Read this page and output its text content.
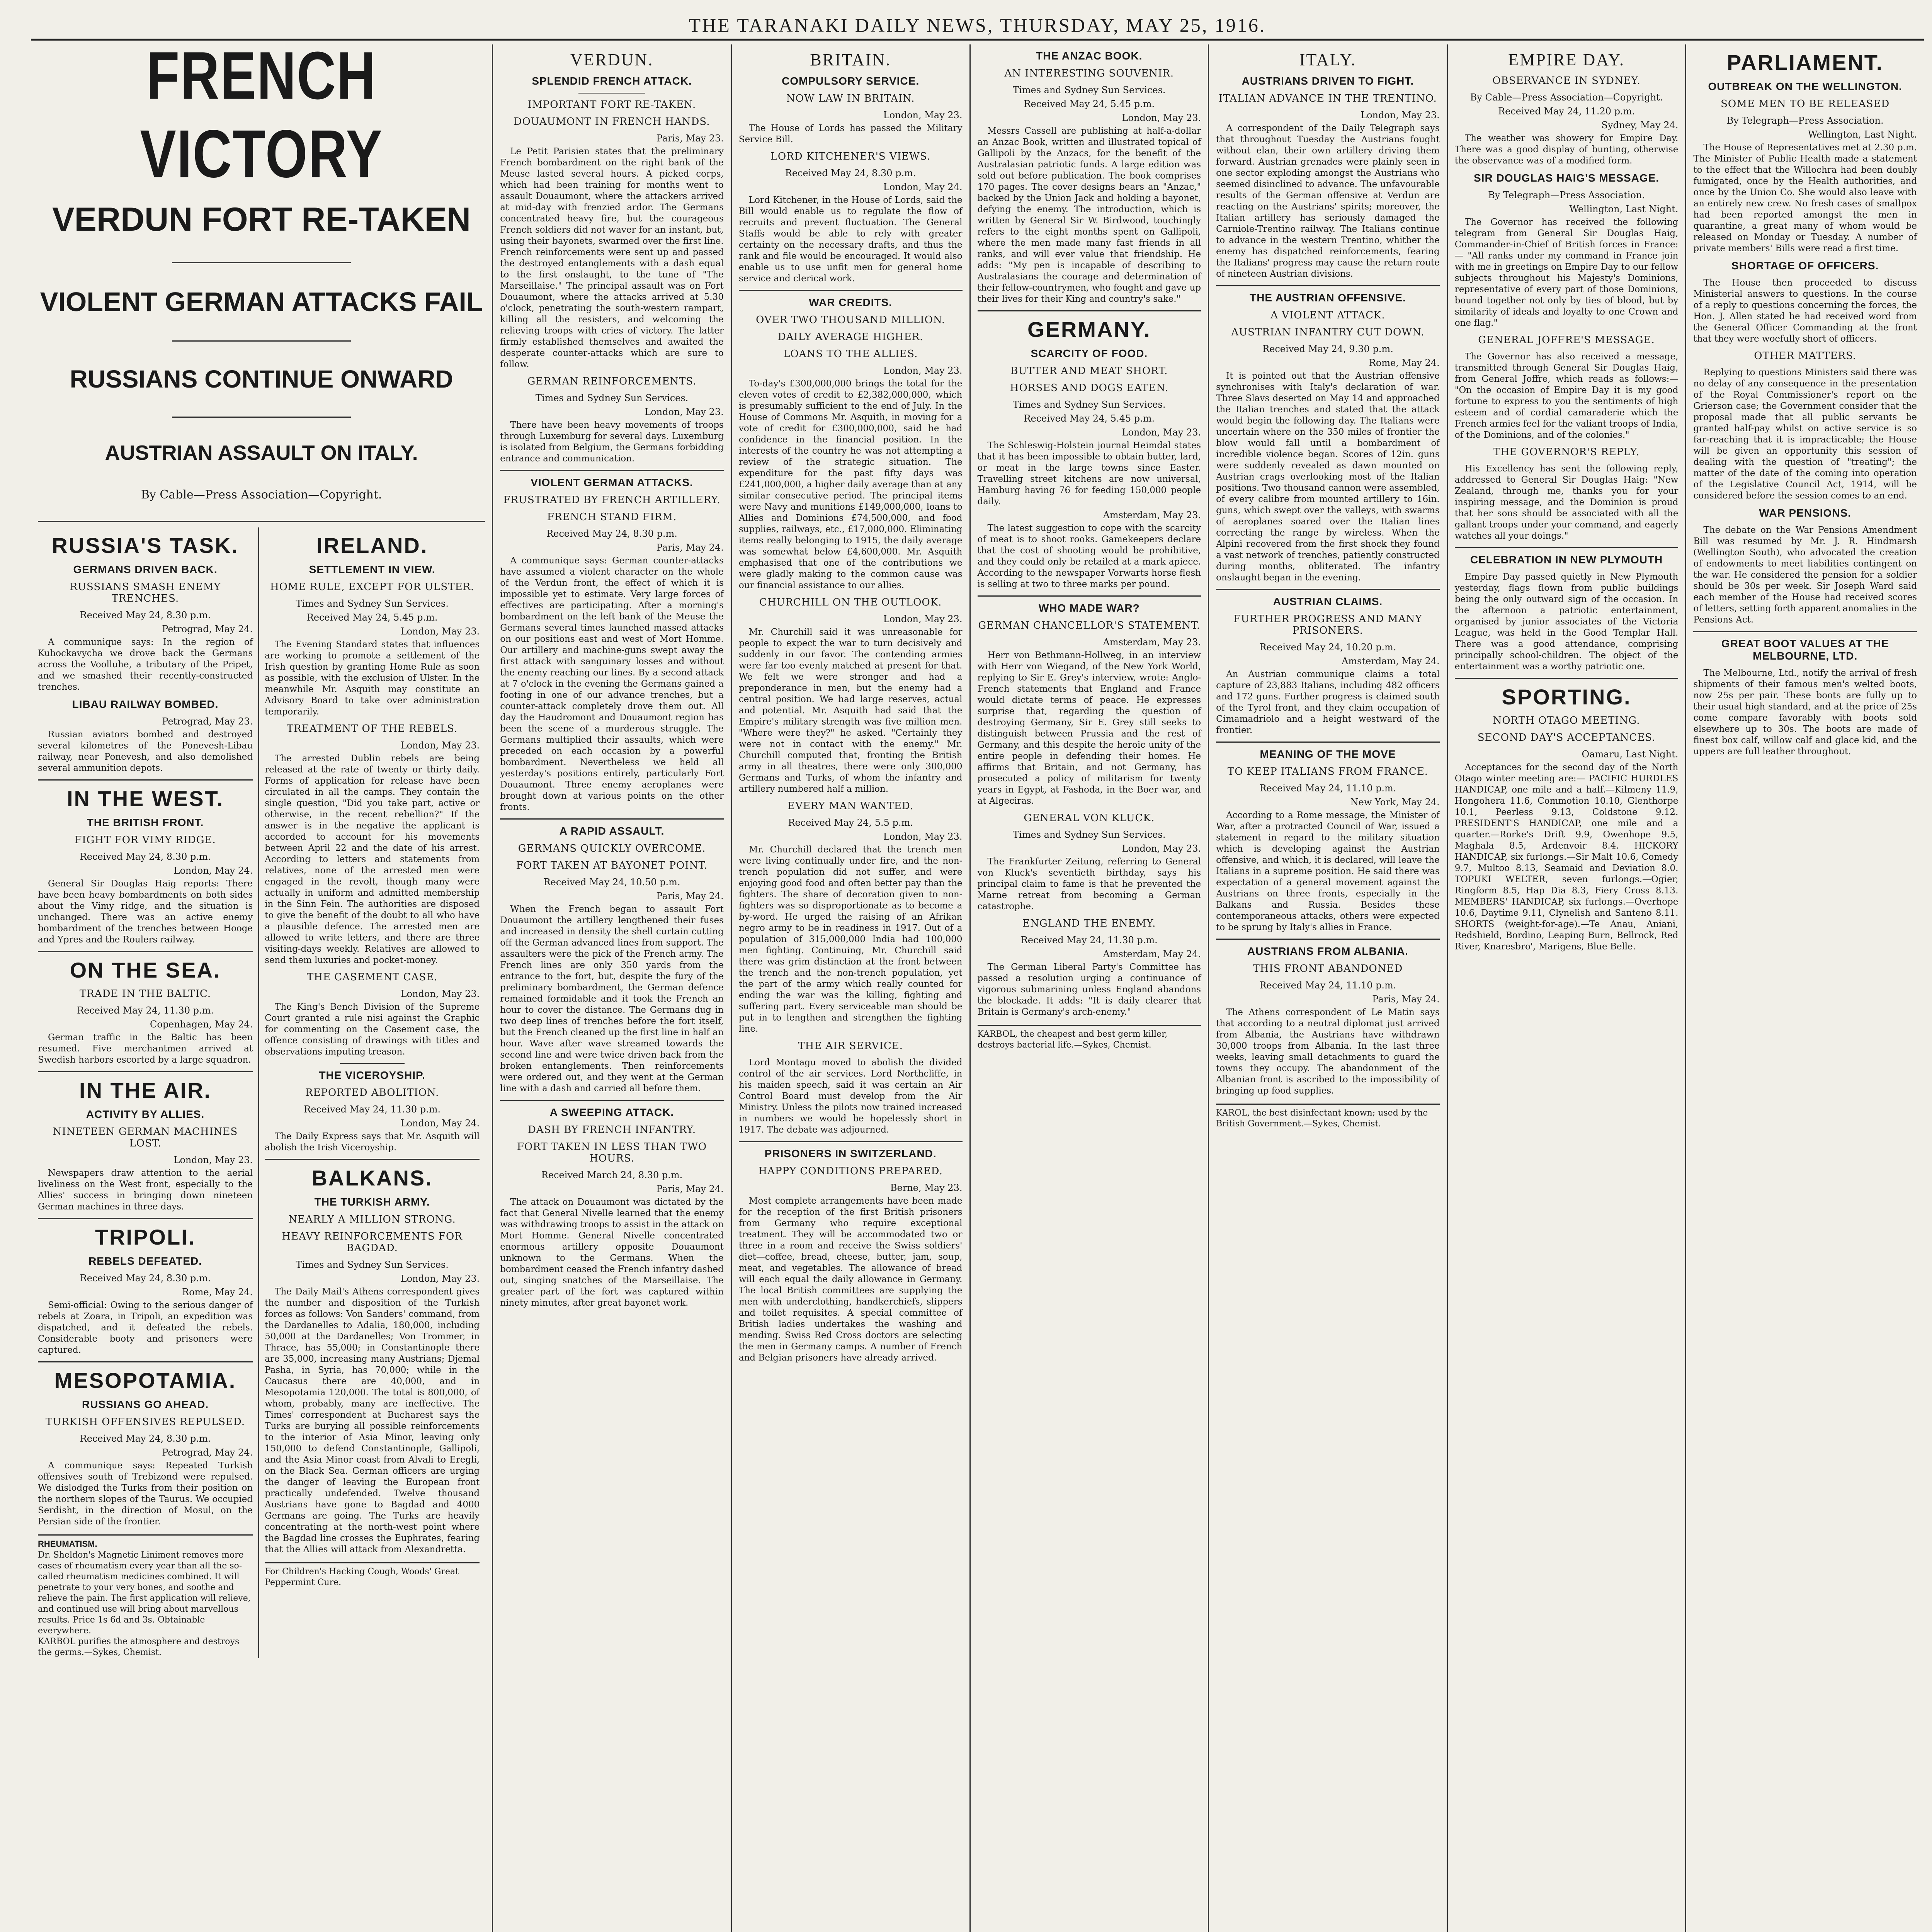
THE TARANAKI DAILY NEWS, THURSDAY, MAY 25, 1916.
FRENCH VICTORY
VERDUN FORT RE-TAKEN
VIOLENT GERMAN ATTACKS FAIL
RUSSIANS CONTINUE ONWARD
AUSTRIAN ASSAULT ON ITALY.
By Cable—Press Association—Copyright.
RUSSIA'S TASK.
GERMANS DRIVEN BACK.
RUSSIANS SMASH ENEMY TRENCHES.
Received May 24, 8.30 p.m.
Petrograd, May 24.

A communique says: In the region of Kuhockavycha we drove back the Germans across the Voolluhe, a tributary of the Pripet, and we smashed their recently-constructed trenches.

LIBAU RAILWAY BOMBED.
Petrograd, May 23.

Russian aviators bombed and destroyed several kilometres of the Ponevesh-Libau railway, near Ponevesh, and also demolished several ammunition depots.

IN THE WEST.
THE BRITISH FRONT.
FIGHT FOR VIMY RIDGE.
Received May 24, 8.30 p.m.
London, May 24.

General Sir Douglas Haig reports: There have been heavy bombardments on both sides about the Vimy ridge, and the situation is unchanged. There was an active enemy bombardment of the trenches between Hooge and Ypres and the Roulers railway.

ON THE SEA.
TRADE IN THE BALTIC.
Received May 24, 11.30 p.m.
Copenhagen, May 24.

German traffic in the Baltic has been resumed. Five merchantmen arrived at Swedish harbors escorted by a large squadron.

IN THE AIR.
ACTIVITY BY ALLIES.
NINETEEN GERMAN MACHINES LOST.
London, May 23.

Newspapers draw attention to the aerial liveliness on the West front, especially to the Allies' success in bringing down nineteen German machines in three days.

TRIPOLI.
REBELS DEFEATED.
Received May 24, 8.30 p.m.
Rome, May 24.

Semi-official: Owing to the serious danger of rebels at Zoara, in Tripoli, an expedition was dispatched, and it defeated the rebels. Considerable booty and prisoners were captured.

MESOPOTAMIA.
RUSSIANS GO AHEAD.
TURKISH OFFENSIVES REPULSED.
Received May 24, 8.30 p.m.
Petrograd, May 24.

A communique says: Repeated Turkish offensives south of Trebizond were repulsed. We dislodged the Turks from their position on the northern slopes of the Taurus. We occupied Serdisht, in the direction of Mosul, on the Persian side of the frontier.

RHEUMATISM.
Dr. Sheldon's Magnetic Liniment removes more cases of rheumatism every year than all the so-called rheumatism medicines combined. It will penetrate to your very bones, and soothe and relieve the pain. The first application will relieve, and continued use will bring about marvellous results. Price 1s 6d and 3s. Obtainable everywhere.
KARBOL purifies the atmosphere and destroys the germs.—Sykes, Chemist.
IRELAND.
SETTLEMENT IN VIEW.
HOME RULE, EXCEPT FOR ULSTER.
Times and Sydney Sun Services.
Received May 24, 5.45 p.m.
London, May 23.

The Evening Standard states that influences are working to promote a settlement of the Irish question by granting Home Rule as soon as possible, with the exclusion of Ulster. In the meanwhile Mr. Asquith may constitute an Advisory Board to take over administration temporarily.

TREATMENT OF THE REBELS.
London, May 23.

The arrested Dublin rebels are being released at the rate of twenty or thirty daily. Forms of application for release have been circulated in all the camps. They contain the single question, "Did you take part, active or otherwise, in the recent rebellion?" If the answer is in the negative the applicant is accorded to account for his movements between April 22 and the date of his arrest. According to letters and statements from relatives, none of the arrested men were engaged in the revolt, though many were actually in uniform and admitted membership in the Sinn Fein. The authorities are disposed to give the benefit of the doubt to all who have a plausible defence. The arrested men are allowed to write letters, and there are three visiting-days weekly. Relatives are allowed to send them luxuries and pocket-money.

THE CASEMENT CASE.
London, May 23.

The King's Bench Division of the Supreme Court granted a rule nisi against the Graphic for commenting on the Casement case, the offence consisting of drawings with titles and observations imputing treason.

THE VICEROYSHIP.
REPORTED ABOLITION.
Received May 24, 11.30 p.m.
London, May 24.

The Daily Express says that Mr. Asquith will abolish the Irish Viceroyship.

BALKANS.
THE TURKISH ARMY.
NEARLY A MILLION STRONG.
HEAVY REINFORCEMENTS FOR BAGDAD.
Times and Sydney Sun Services.
London, May 23.

The Daily Mail's Athens correspondent gives the number and disposition of the Turkish forces as follows: Von Sanders' command, from the Dardanelles to Adalia, 180,000, including 50,000 at the Dardanelles; Von Trommer, in Thrace, has 55,000; in Constantinople there are 35,000, increasing many Austrians; Djemal Pasha, in Syria, has 70,000; while in the Caucasus there are 40,000, and in Mesopotamia 120,000. The total is 800,000, of whom, probably, many are ineffective. The Times' correspondent at Bucharest says the Turks are burying all possible reinforcements to the interior of Asia Minor, leaving only 150,000 to defend Constantinople, Gallipoli, and the Asia Minor coast from Alvali to Eregli, on the Black Sea. German officers are urging the danger of leaving the European front practically undefended. Twelve thousand Austrians have gone to Bagdad and 4000 Germans are going. The Turks are heavily concentrating at the north-west point where the Bagdad line crosses the Euphrates, fearing that the Allies will attack from Alexandretta.

For Children's Hacking Cough, Woods' Great Peppermint Cure.
VERDUN.
SPLENDID FRENCH ATTACK.
IMPORTANT FORT RE-TAKEN.
DOUAUMONT IN FRENCH HANDS.
Paris, May 23.

Le Petit Parisien states that the preliminary French bombardment on the right bank of the Meuse lasted several hours. A picked corps, which had been training for months went to assault Douaumont, where the attackers arrived at mid-day with frenzied ardor. The Germans concentrated heavy fire, but the courageous French soldiers did not waver for an instant, but, using their bayonets, swarmed over the first line. French reinforcements were sent up and passed the destroyed entanglements with a dash equal to the first onslaught, to the tune of "The Marseillaise." The principal assault was on Fort Douaumont, where the attacks arrived at 5.30 o'clock, penetrating the south-western rampart, killing all the resisters, and welcoming the relieving troops with cries of victory. The latter firmly established themselves and awaited the desperate counter-attacks which are sure to follow.

GERMAN REINFORCEMENTS.
Times and Sydney Sun Services.
London, May 23.

There have been heavy movements of troops through Luxemburg for several days. Luxemburg is isolated from Belgium, the Germans forbidding entrance and communication.

VIOLENT GERMAN ATTACKS.
FRUSTRATED BY FRENCH ARTILLERY.
FRENCH STAND FIRM.
Received May 24, 8.30 p.m.
Paris, May 24.

A communique says: German counter-attacks have assumed a violent character on the whole of the Verdun front, the effect of which it is impossible yet to estimate. Very large forces of effectives are participating. After a morning's bombardment on the left bank of the Meuse the Germans several times launched massed attacks on our positions east and west of Mort Homme. Our artillery and machine-guns swept away the first attack with sanguinary losses and without the enemy reaching our lines. By a second attack at 7 o'clock in the evening the Germans gained a footing in one of our advance trenches, but a counter-attack completely drove them out. All day the Haudromont and Douaumont region has been the scene of a murderous struggle. The Germans multiplied their assaults, which were preceded on each occasion by a powerful bombardment. Nevertheless we held all yesterday's positions entirely, particularly Fort Douaumont. Three enemy aeroplanes were brought down at various points on the other fronts.

A RAPID ASSAULT.
GERMANS QUICKLY OVERCOME.
FORT TAKEN AT BAYONET POINT.
Received May 24, 10.50 p.m.
Paris, May 24.

When the French began to assault Fort Douaumont the artillery lengthened their fuses and increased in density the shell curtain cutting off the German advanced lines from support. The assaulters were the pick of the French army. The French lines are only 350 yards from the entrance to the fort, but, despite the fury of the preliminary bombardment, the German defence remained formidable and it took the French an hour to cover the distance. The Germans dug in two deep lines of trenches before the fort itself, but the French cleaned up the first line in half an hour. Wave after wave streamed towards the second line and were twice driven back from the broken entanglements. Then reinforcements were ordered out, and they went at the German line with a dash and carried all before them.

A SWEEPING ATTACK.
DASH BY FRENCH INFANTRY.
FORT TAKEN IN LESS THAN TWO HOURS.
Received March 24, 8.30 p.m.
Paris, May 24.

The attack on Douaumont was dictated by the fact that General Nivelle learned that the enemy was withdrawing troops to assist in the attack on Mort Homme. General Nivelle concentrated enormous artillery opposite Douaumont unknown to the Germans. When the bombardment ceased the French infantry dashed out, singing snatches of the Marseillaise. The greater part of the fort was captured within ninety minutes, after great bayonet work.

BRITAIN.
COMPULSORY SERVICE.
NOW LAW IN BRITAIN.
London, May 23.

The House of Lords has passed the Military Service Bill.

LORD KITCHENER'S VIEWS.
Received May 24, 8.30 p.m.
London, May 24.

Lord Kitchener, in the House of Lords, said the Bill would enable us to regulate the flow of recruits and prevent fluctuation. The General Staffs would be able to rely with greater certainty on the necessary drafts, and thus the rank and file would be encouraged. It would also enable us to use unfit men for general home service and clerical work.

WAR CREDITS.
OVER TWO THOUSAND MILLION.
DAILY AVERAGE HIGHER.
LOANS TO THE ALLIES.
London, May 23.

To-day's £300,000,000 brings the total for the eleven votes of credit to £2,382,000,000, which is presumably sufficient to the end of July. In the House of Commons Mr. Asquith, in moving for a vote of credit for £300,000,000, said he had confidence in the financial position. In the interests of the country he was not attempting a review of the strategic situation. The expenditure for the past fifty days was £241,000,000, a higher daily average than at any similar consecutive period. The principal items were Navy and munitions £149,000,000, loans to Allies and Dominions £74,500,000, and food supplies, railways, etc., £17,000,000. Eliminating items really belonging to 1915, the daily average was somewhat below £4,600,000. Mr. Asquith emphasised that one of the contributions we were gladly making to the common cause was our financial assistance to our allies.

CHURCHILL ON THE OUTLOOK.
London, May 23.

Mr. Churchill said it was unreasonable for people to expect the war to turn decisively and suddenly in our favor. The contending armies were far too evenly matched at present for that. We felt we were stronger and had a preponderance in men, but the enemy had a central position. We had large reserves, actual and potential. Mr. Asquith had said that the Empire's military strength was five million men. "Where were they?" he asked. "Certainly they were not in contact with the enemy." Mr. Churchill computed that, fronting the British army in all theatres, there were only 300,000 Germans and Turks, of whom the infantry and artillery numbered half a million.

EVERY MAN WANTED.
Received May 24, 5.5 p.m.
London, May 23.

Mr. Churchill declared that the trench men were living continually under fire, and the non-trench population did not suffer, and were enjoying good food and often better pay than the fighters. The share of decoration given to non-fighters was so disproportionate as to become a by-word. He urged the raising of an Afrikan negro army to be in readiness in 1917. Out of a population of 315,000,000 India had 100,000 men fighting. Continuing, Mr. Churchill said there was grim distinction at the front between the trench and the non-trench population, yet the part of the army which really counted for ending the war was the killing, fighting and suffering part. Every serviceable man should be put in to lengthen and strengthen the fighting line.

THE AIR SERVICE.

Lord Montagu moved to abolish the divided control of the air services. Lord Northcliffe, in his maiden speech, said it was certain an Air Control Board must develop from the Air Ministry. Unless the pilots now trained increased in numbers we would be hopelessly short in 1917. The debate was adjourned.

PRISONERS IN SWITZERLAND.
HAPPY CONDITIONS PREPARED.
Berne, May 23.

Most complete arrangements have been made for the reception of the first British prisoners from Germany who require exceptional treatment. They will be accommodated two or three in a room and receive the Swiss soldiers' diet—coffee, bread, cheese, butter, jam, soup, meat, and vegetables. The allowance of bread will each equal the daily allowance in Germany. The local British committees are supplying the men with underclothing, handkerchiefs, slippers and toilet requisites. A special committee of British ladies undertakes the washing and mending. Swiss Red Cross doctors are selecting the men in Germany camps. A number of French and Belgian prisoners have already arrived.

THE ANZAC BOOK.
AN INTERESTING SOUVENIR.
Times and Sydney Sun Services.
Received May 24, 5.45 p.m.
London, May 23.

Messrs Cassell are publishing at half-a-dollar an Anzac Book, written and illustrated topical of Gallipoli by the Anzacs, for the benefit of the Australasian patriotic funds. A large edition was sold out before publication. The book comprises 170 pages. The cover designs bears an "Anzac," backed by the Union Jack and holding a bayonet, defying the enemy. The introduction, which is written by General Sir W. Birdwood, touchingly refers to the eight months spent on Gallipoli, where the men made many fast friends in all ranks, and will ever value that friendship. He adds: "My pen is incapable of describing to Australasians the courage and determination of their fellow-countrymen, who fought and gave up their lives for their King and country's sake."

GERMANY.
SCARCITY OF FOOD.
BUTTER AND MEAT SHORT.
HORSES AND DOGS EATEN.
Times and Sydney Sun Services.
Received May 24, 5.45 p.m.
London, May 23.

The Schleswig-Holstein journal Heimdal states that it has been impossible to obtain butter, lard, or meat in the large towns since Easter. Travelling street kitchens are now universal, Hamburg having 76 for feeding 150,000 people daily.

Amsterdam, May 23.

The latest suggestion to cope with the scarcity of meat is to shoot rooks. Gamekeepers declare that the cost of shooting would be prohibitive, and they could only be retailed at a mark apiece. According to the newspaper Vorwarts horse flesh is selling at two to three marks per pound.

WHO MADE WAR?
GERMAN CHANCELLOR'S STATEMENT.
Amsterdam, May 23.

Herr von Bethmann-Hollweg, in an interview with Herr von Wiegand, of the New York World, replying to Sir E. Grey's interview, wrote: Anglo-French statements that England and France would dictate terms of peace. He expresses surprise that, regarding the question of destroying Germany, Sir E. Grey still seeks to distinguish between Prussia and the rest of Germany, and this despite the heroic unity of the entire people in defending their homes. He affirms that Britain, and not Germany, has prosecuted a policy of militarism for twenty years in Egypt, at Fashoda, in the Boer war, and at Algeciras.

GENERAL VON KLUCK.
Times and Sydney Sun Services.
London, May 23.

The Frankfurter Zeitung, referring to General von Kluck's seventieth birthday, says his principal claim to fame is that he prevented the Marne retreat from becoming a German catastrophe.

ENGLAND THE ENEMY.
Received May 24, 11.30 p.m.
Amsterdam, May 24.

The German Liberal Party's Committee has passed a resolution urging a continuance of vigorous submarining unless England abandons the blockade. It adds: "It is daily clearer that Britain is Germany's arch-enemy."

KARBOL, the cheapest and best germ killer, destroys bacterial life.—Sykes, Chemist.
ITALY.
AUSTRIANS DRIVEN TO FIGHT.
ITALIAN ADVANCE IN THE TRENTINO.
London, May 23.

A correspondent of the Daily Telegraph says that throughout Tuesday the Austrians fought without elan, their own artillery driving them forward. Austrian grenades were plainly seen in one sector exploding amongst the Austrians who seemed disinclined to advance. The unfavourable results of the German offensive at Verdun are reacting on the Austrians' spirits; moreover, the Italian artillery has seriously damaged the Carniole-Trentino railway. The Italians continue to advance in the western Trentino, whither the enemy has dispatched reinforcements, fearing the Italians' progress may cause the return route of nineteen Austrian divisions.

THE AUSTRIAN OFFENSIVE.
A VIOLENT ATTACK.
AUSTRIAN INFANTRY CUT DOWN.
Received May 24, 9.30 p.m.
Rome, May 24.

It is pointed out that the Austrian offensive synchronises with Italy's declaration of war. Three Slavs deserted on May 14 and approached the Italian trenches and stated that the attack would begin the following day. The Italians were uncertain where on the 350 miles of frontier the blow would fall until a bombardment of incredible violence began. Scores of 12in. guns were suddenly revealed as dawn mounted on Austrian crags overlooking most of the Italian positions. Two thousand cannon were assembled, of every calibre from mounted artillery to 16in. guns, which swept over the valleys, with swarms of aeroplanes soared over the Italian lines correcting the range by wireless. When the Alpini recovered from the first shock they found a vast network of trenches, patiently constructed during months, obliterated. The infantry onslaught began in the evening.

AUSTRIAN CLAIMS.
FURTHER PROGRESS AND MANY PRISONERS.
Received May 24, 10.20 p.m.
Amsterdam, May 24.

An Austrian communique claims a total capture of 23,883 Italians, including 482 officers and 172 guns. Further progress is claimed south of the Tyrol front, and they claim occupation of Cimamadriolo and a height westward of the frontier.

MEANING OF THE MOVE
TO KEEP ITALIANS FROM FRANCE.
Received May 24, 11.10 p.m.
New York, May 24.

According to a Rome message, the Minister of War, after a protracted Council of War, issued a statement in regard to the military situation which is developing against the Austrian offensive, and which, it is declared, will leave the Italians in a supreme position. He said there was expectation of a general movement against the Austrians on three fronts, especially in the Balkans and Russia. Besides these contemporaneous attacks, others were expected to be sprung by Italy's allies in France.

AUSTRIANS FROM ALBANIA.
THIS FRONT ABANDONED
Received May 24, 11.10 p.m.
Paris, May 24.

The Athens correspondent of Le Matin says that according to a neutral diplomat just arrived from Albania, the Austrians have withdrawn 30,000 troops from Albania. In the last three weeks, leaving small detachments to guard the towns they occupy. The abandonment of the Albanian front is ascribed to the impossibility of bringing up food supplies.

KAROL, the best disinfectant known; used by the British Government.—Sykes, Chemist.
EMPIRE DAY.
OBSERVANCE IN SYDNEY.
By Cable—Press Association—Copyright.
Received May 24, 11.20 p.m.
Sydney, May 24.

The weather was showery for Empire Day. There was a good display of bunting, otherwise the observance was of a modified form.

SIR DOUGLAS HAIG'S MESSAGE.
By Telegraph—Press Association.
Wellington, Last Night.

The Governor has received the following telegram from General Sir Douglas Haig, Commander-in-Chief of British forces in France:— "All ranks under my command in France join with me in greetings on Empire Day to our fellow subjects throughout his Majesty's Dominions, representative of every part of those Dominions, bound together not only by ties of blood, but by similarity of ideals and loyalty to one Crown and one flag."

GENERAL JOFFRE'S MESSAGE.

The Governor has also received a message, transmitted through General Sir Douglas Haig, from General Joffre, which reads as follows:— "On the occasion of Empire Day it is my good fortune to express to you the sentiments of high esteem and of cordial camaraderie which the French armies feel for the valiant troops of India, of the Dominions, and of the colonies."

THE GOVERNOR'S REPLY.

His Excellency has sent the following reply, addressed to General Sir Douglas Haig: "New Zealand, through me, thanks you for your inspiring message, and the Dominion is proud that her sons should be associated with all the gallant troops under your command, and eagerly watches all your doings."

CELEBRATION IN NEW PLYMOUTH

Empire Day passed quietly in New Plymouth yesterday, flags flown from public buildings being the only outward sign of the occasion. In the afternoon a patriotic entertainment, organised by junior associates of the Victoria League, was held in the Good Templar Hall. There was a good attendance, comprising principally school-children. The object of the entertainment was a worthy patriotic one.

SPORTING.
NORTH OTAGO MEETING.
SECOND DAY'S ACCEPTANCES.
Oamaru, Last Night.

Acceptances for the second day of the North Otago winter meeting are:— PACIFIC HURDLES HANDICAP, one mile and a half.—Kilmeny 11.9, Hongohera 11.6, Commotion 10.10, Glenthorpe 10.1, Peerless 9.13, Coldstone 9.12. PRESIDENT'S HANDICAP, one mile and a quarter.—Rorke's Drift 9.9, Owenhope 9.5, Maghala 8.5, Ardenvoir 8.4. HICKORY HANDICAP, six furlongs.—Sir Malt 10.6, Comedy 9.7, Multoo 8.13, Seamaid and Deviation 8.0. TOPUKI WELTER, seven furlongs.—Ogier, Ringform 8.5, Hap Dia 8.3, Fiery Cross 8.13. MEMBERS' HANDICAP, six furlongs.—Overhope 10.6, Daytime 9.11, Clynelish and Santeno 8.11. SHORTS (weight-for-age).—Te Anau, Aniani, Redshield, Bordino, Leaping Burn, Bellrock, Red River, Knaresbro', Marigens, Blue Belle.

PARLIAMENT.
OUTBREAK ON THE WELLINGTON.
SOME MEN TO BE RELEASED
By Telegraph—Press Association.
Wellington, Last Night.

The House of Representatives met at 2.30 p.m. The Minister of Public Health made a statement to the effect that the Willochra had been doubly fumigated, once by the Health authorities, and once by the Union Co. She would also leave with an entirely new crew. No fresh cases of smallpox had been reported amongst the men in quarantine, a great many of whom would be released on Monday or Tuesday. A number of private members' Bills were read a first time.

SHORTAGE OF OFFICERS.

The House then proceeded to discuss Ministerial answers to questions. In the course of a reply to questions concerning the forces, the Hon. J. Allen stated he had received word from the General Officer Commanding at the front that they were woefully short of officers.

OTHER MATTERS.

Replying to questions Ministers said there was no delay of any consequence in the presentation of the Royal Commissioner's report on the Grierson case; the Government consider that the proposal made that all public servants be granted half-pay whilst on active service is so far-reaching that it is impracticable; the House will be given an opportunity this session of dealing with the question of "treating"; the matter of the date of the coming into operation of the Legislative Council Act, 1914, will be considered before the session comes to an end.

WAR PENSIONS.

The debate on the War Pensions Amendment Bill was resumed by Mr. J. R. Hindmarsh (Wellington South), who advocated the creation of endowments to meet liabilities contingent on the war. He considered the pension for a soldier should be 30s per week. Sir Joseph Ward said each member of the House had received scores of letters, setting forth apparent anomalies in the Pensions Act.

GREAT BOOT VALUES AT THE MELBOURNE, LTD.

The Melbourne, Ltd., notify the arrival of fresh shipments of their famous men's welted boots, now 25s per pair. These boots are fully up to their usual high standard, and at the price of 25s come compare favorably with boots sold elsewhere up to 30s. The boots are made of finest box calf, willow calf and glace kid, and the uppers are full leather throughout.
